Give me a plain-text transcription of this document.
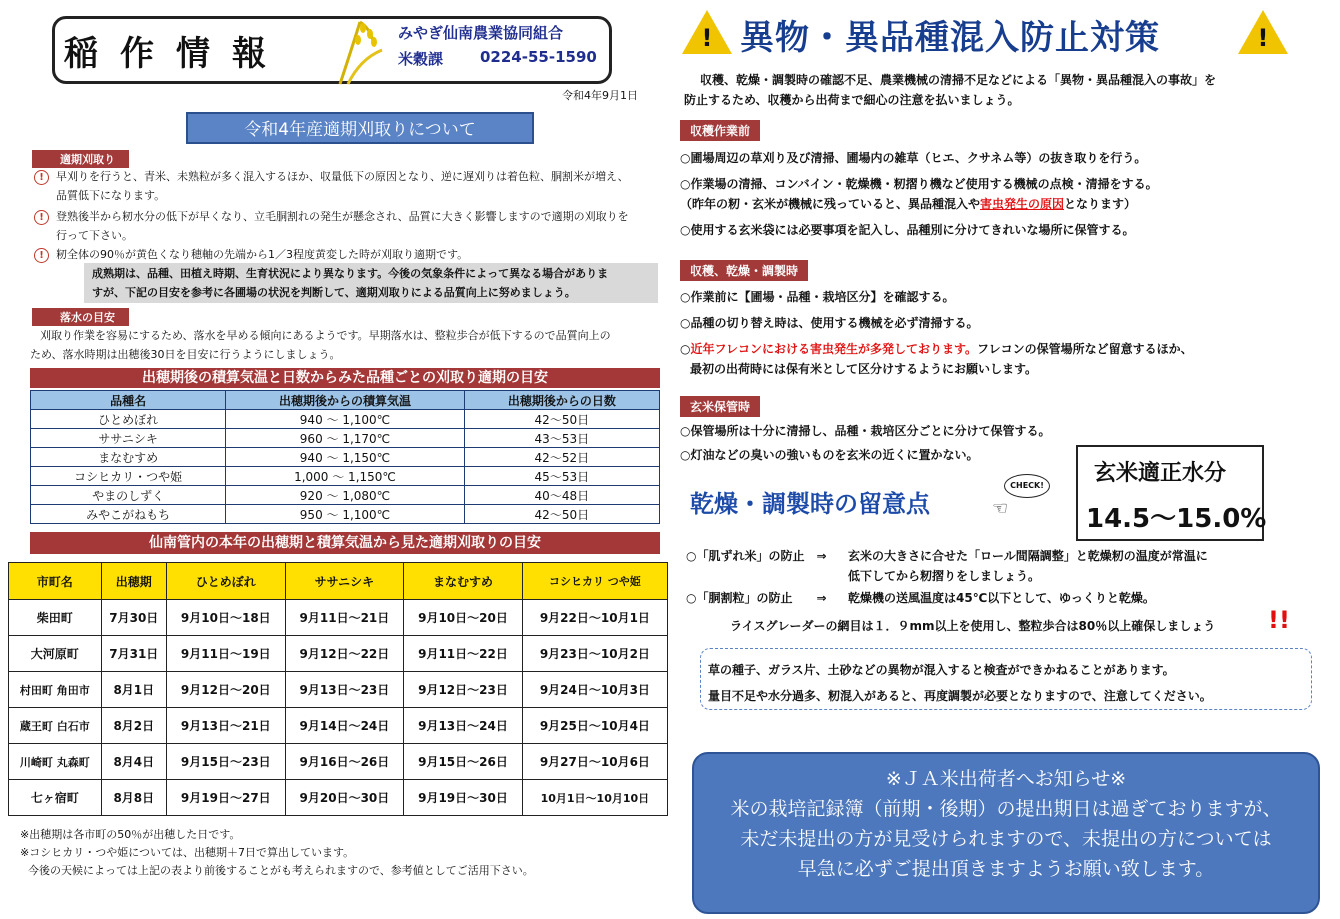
稲作情報
みやぎ仙南農業協同組合
米穀課 0224-55-1590
令和4年9月1日
令和4年産適期刈取りについて
適期刈取り
!	早刈りを行うと、青米、未熟粒が多く混入するほか、収量低下の原因となり、逆に遅刈りは着色粒、胴割米が増え、
品質低下になります。
!	登熟後半から籾水分の低下が早くなり、立毛胴割れの発生が懸念され、品質に大きく影響しますので適期の刈取りを
行って下さい。
!	籾全体の90％が黄色くなり穂軸の先端から1／3程度黄変した時が刈取り適期です。
成熟期は、品種、田植え時期、生育状況により異なります。今後の気象条件によって異なる場合がありま
すが、下記の目安を参考に各圃場の状況を判断して、適期刈取りによる品質向上に努めましょう。
落水の目安
刈取り作業を容易にするため、落水を早める傾向にあるようです。早期落水は、整粒歩合が低下するので品質向上の
ため、落水時期は出穂後30日を目安に行うようにしましょう。
出穂期後の積算気温と日数からみた品種ごとの刈取り適期の目安
品種名	出穂期後からの積算気温	出穂期後からの日数
ひとめぼれ	940 〜 1,100℃	42〜50日
ササニシキ	960 〜 1,170℃	43〜53日
まなむすめ	940 〜 1,150℃	42〜52日
コシヒカリ・つや姫	1,000 〜 1,150℃	45〜53日
やまのしずく	920 〜 1,080℃	40〜48日
みやこがねもち	950 〜 1,100℃	42〜50日
仙南管内の本年の出穂期と積算気温から見た適期刈取りの目安
市町名	出穂期	ひとめぼれ	ササニシキ	まなむすめ	コシヒカリ つや姫
柴田町	7月30日	9月10日〜18日	9月11日〜21日	9月10日〜20日	9月22日〜10月1日
大河原町	7月31日	9月11日〜19日	9月12日〜22日	9月11日〜22日	9月23日〜10月2日
村田町 角田市	8月1日	9月12日〜20日	9月13日〜23日	9月12日〜23日	9月24日〜10月3日
蔵王町 白石市	8月2日	9月13日〜21日	9月14日〜24日	9月13日〜24日	9月25日〜10月4日
川崎町 丸森町	8月4日	9月15日〜23日	9月16日〜26日	9月15日〜26日	9月27日〜10月6日
七ヶ宿町	8月8日	9月19日〜27日	9月20日〜30日	9月19日〜30日	10月1日〜10月10日
※出穂期は各市町の50％が出穂した日です。
※コシヒカリ・つや姫については、出穂期＋7日で算出しています。
今後の天候によっては上記の表より前後することがも考えられますので、参考値としてご活用下さい。
! 異物・異品種混入防止対策	!
収穫、乾燥・調製時の確認不足、農業機械の清掃不足などによる「異物・異品種混入の事故」を
防止するため、収穫から出荷まで細心の注意を払いましょう。
収穫作業前
○圃場周辺の草刈り及び清掃、圃場内の雑草（ヒエ、クサネム等）の抜き取りを行う。
○作業場の清掃、コンバイン・乾燥機・籾摺り機など使用する機械の点検・清掃をする。
（昨年の籾・玄米が機械に残っていると、異品種混入や害虫発生の原因となります）
○使用する玄米袋には必要事項を記入し、品種別に分けてきれいな場所に保管する。
収穫、乾燥・調製時
○作業前に【圃場・品種・栽培区分】を確認する。
○品種の切り替え時は、使用する機械を必ず清掃する。
○近年フレコンにおける害虫発生が多発しております。フレコンの保管場所など留意するほか、
最初の出荷時には保有米として区分けするようにお願いします。
玄米保管時
○保管場所は十分に清掃し、品種・栽培区分ごとに分けて保管する。
○灯油などの臭いの強いものを玄米の近くに置かない。
玄米適正水分
14.5〜15.0%
乾燥・調製時の留意点
CHECK!
☜
○「肌ずれ米」の防止　⇒ 玄米の大きさに合せた「ロール間隔調整」と乾燥籾の温度が常温に
低下してから籾摺りをしましょう。
○「胴割粒」の防止　　⇒ 乾燥機の送風温度は45℃以下として、ゆっくりと乾燥。
ライスグレーダーの網目は１．９mm以上を使用し、整粒歩合は80％以上確保しましょう !!
草の種子、ガラス片、土砂などの異物が混入すると検査ができかねることがあります。
量目不足や水分過多、籾混入があると、再度調製が必要となりますので、注意してください。
※ＪＡ米出荷者へお知らせ※
米の栽培記録簿（前期・後期）の提出期日は過ぎておりますが、
未だ未提出の方が見受けられますので、未提出の方については
早急に必ずご提出頂きますようお願い致します。
